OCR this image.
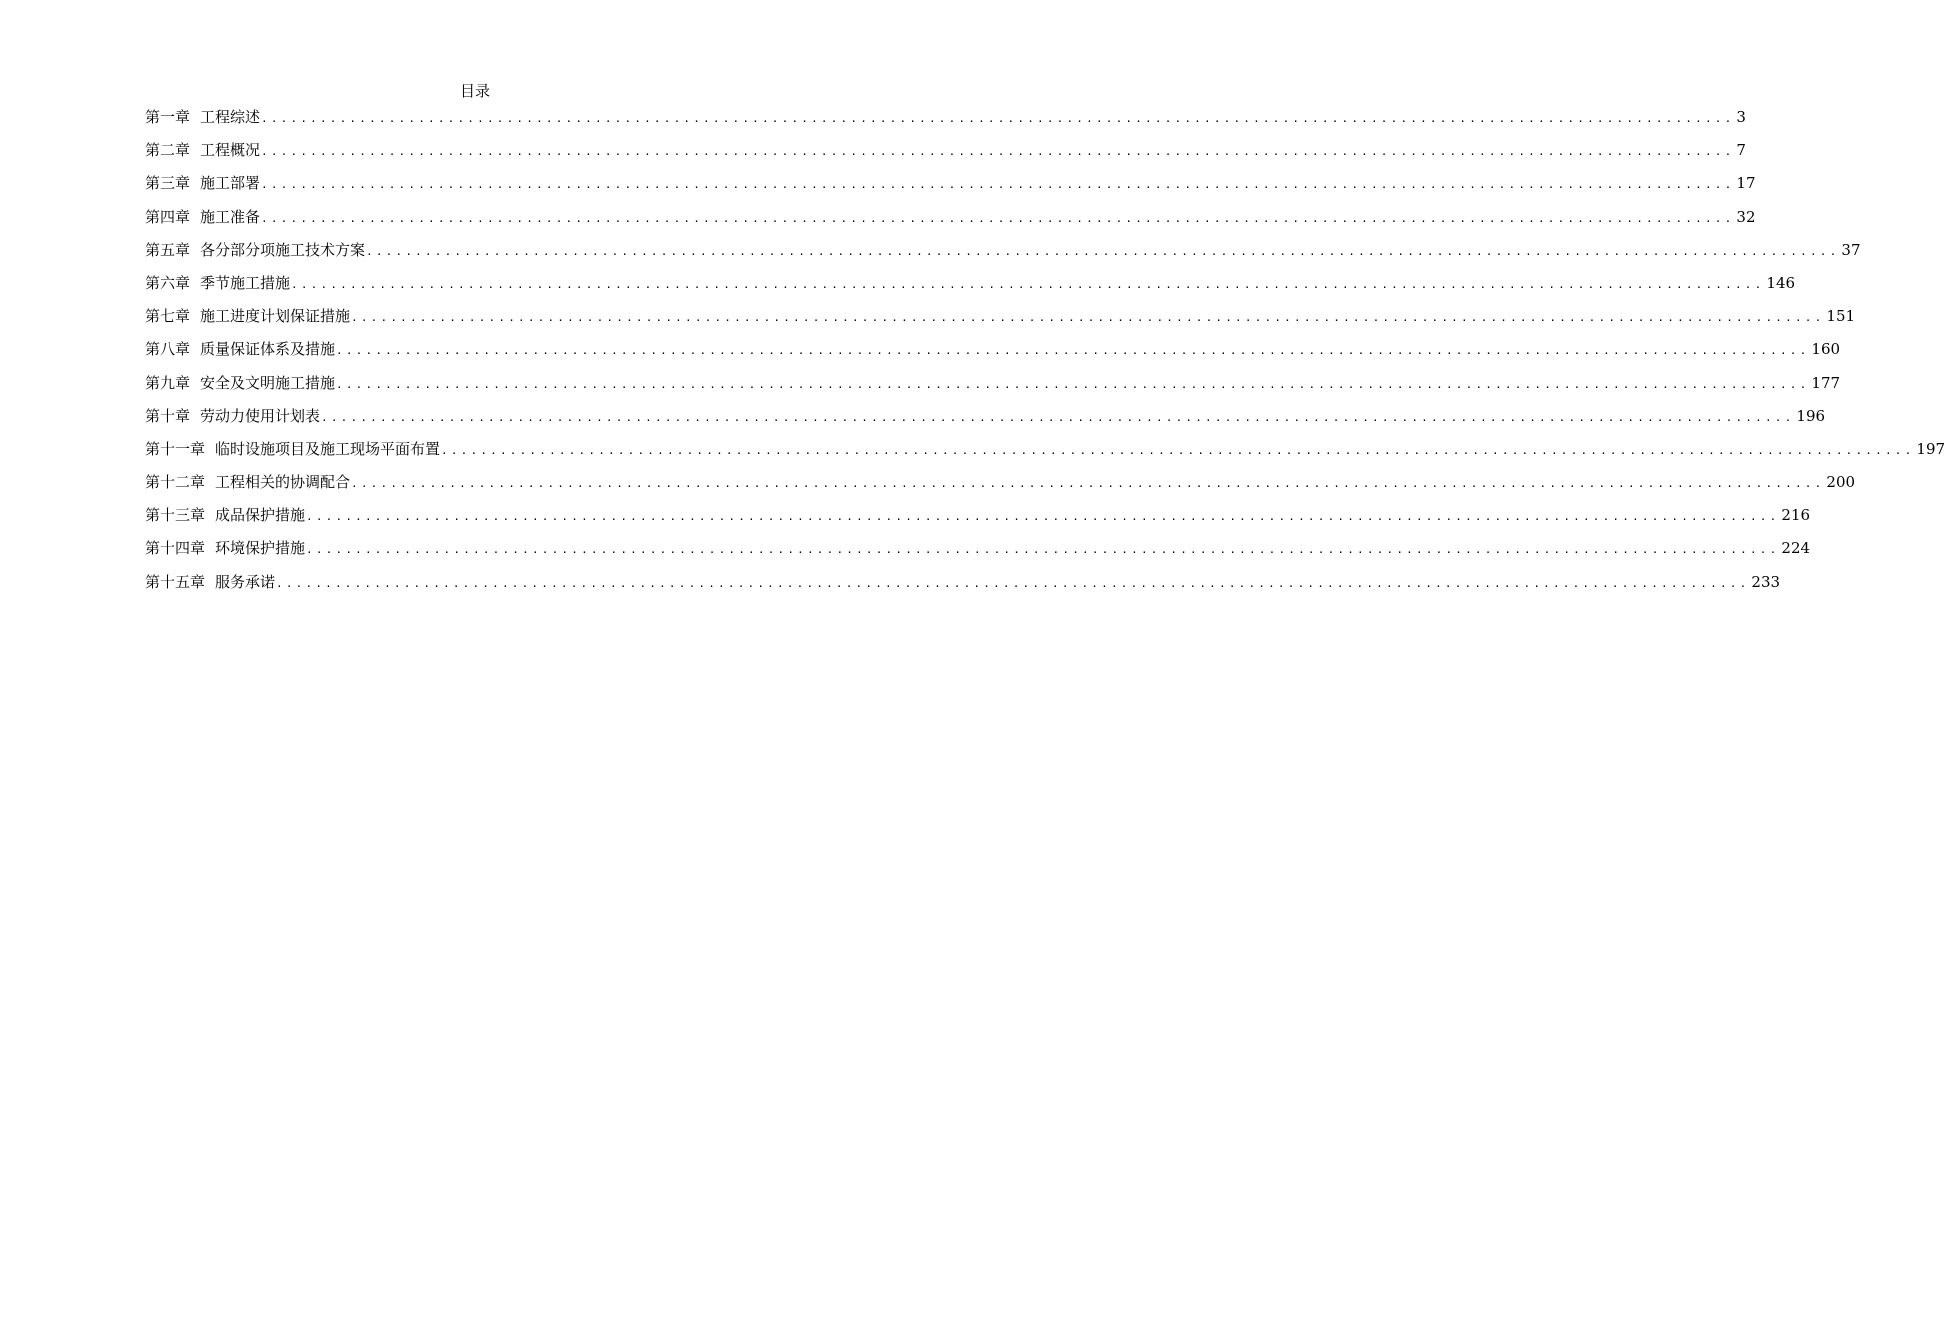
目录
第一章 工程综述 ...................................................................................................................................................... 3
第二章 工程概况 ...................................................................................................................................................... 7
第三章 施工部署 ...................................................................................................................................................... 17
第四章 施工准备 ...................................................................................................................................................... 32
第五章 各分部分项施工技术方案 ...................................................................................................................................................... 37
第六章 季节施工措施 ...................................................................................................................................................... 146
第七章 施工进度计划保证措施 ...................................................................................................................................................... 151
第八章 质量保证体系及措施 ...................................................................................................................................................... 160
第九章 安全及文明施工措施 ...................................................................................................................................................... 177
第十章 劳动力使用计划表 ...................................................................................................................................................... 196
第十一章 临时设施项目及施工现场平面布置 ...................................................................................................................................................... 197
第十二章 工程相关的协调配合 ...................................................................................................................................................... 200
第十三章 成品保护措施 ...................................................................................................................................................... 216
第十四章 环境保护措施 ...................................................................................................................................................... 224
第十五章 服务承诺 ...................................................................................................................................................... 233
